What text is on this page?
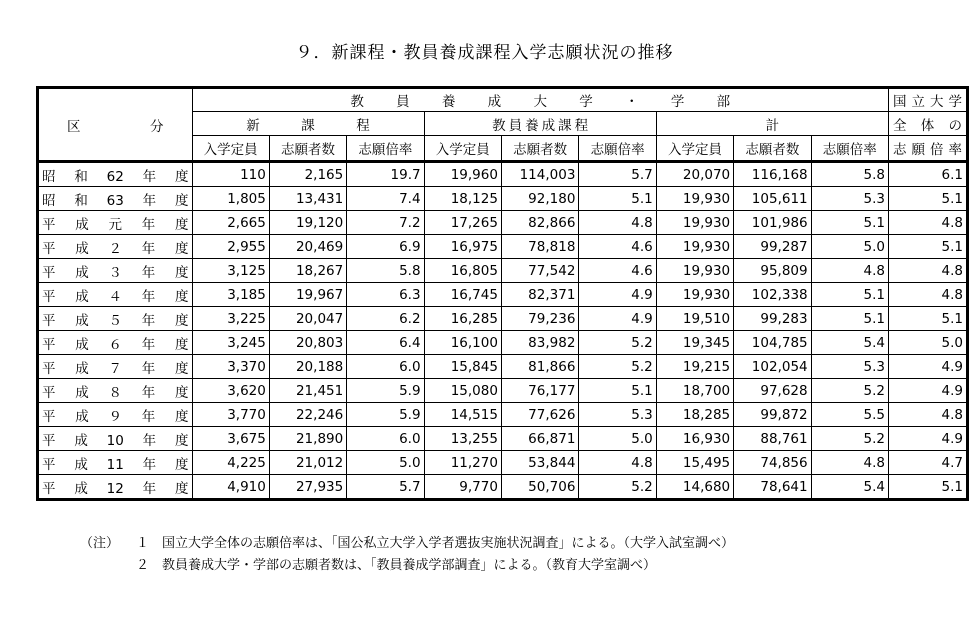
９．新課程・教員養成課程入学志願状況の推移
区　分	教 員 養 成 大 学 ・ 学 部									国立大学
	新　課　程			教員養成課程			計			全 体 の
	入学定員	志願者数	志願倍率	入学定員	志願者数	志願倍率	入学定員	志願者数	志願倍率	志 願 倍 率
昭和62年度	110	2,165	19.7	19,960	114,003	5.7	20,070	116,168	5.8	6.1
昭和63年度	1,805	13,431	7.4	18,125	92,180	5.1	19,930	105,611	5.3	5.1
平成元年度	2,665	19,120	7.2	17,265	82,866	4.8	19,930	101,986	5.1	4.8
平成２年度	2,955	20,469	6.9	16,975	78,818	4.6	19,930	99,287	5.0	5.1
平成３年度	3,125	18,267	5.8	16,805	77,542	4.6	19,930	95,809	4.8	4.8
平成４年度	3,185	19,967	6.3	16,745	82,371	4.9	19,930	102,338	5.1	4.8
平成５年度	3,225	20,047	6.2	16,285	79,236	4.9	19,510	99,283	5.1	5.1
平成６年度	3,245	20,803	6.4	16,100	83,982	5.2	19,345	104,785	5.4	5.0
平成７年度	3,370	20,188	6.0	15,845	81,866	5.2	19,215	102,054	5.3	4.9
平成８年度	3,620	21,451	5.9	15,080	76,177	5.1	18,700	97,628	5.2	4.9
平成９年度	3,770	22,246	5.9	14,515	77,626	5.3	18,285	99,872	5.5	4.8
平成10年度	3,675	21,890	6.0	13,255	66,871	5.0	16,930	88,761	5.2	4.9
平成11年度	4,225	21,012	5.0	11,270	53,844	4.8	15,495	74,856	4.8	4.7
平成12年度	4,910	27,935	5.7	9,770	50,706	5.2	14,680	78,641	5.4	5.1
（注） １ 国立大学全体の志願倍率は、「国公私立大学入学者選抜実施状況調査」による。（大学入試室調べ）
２ 教員養成大学・学部の志願者数は、「教員養成学部調査」による。（教育大学室調べ）
